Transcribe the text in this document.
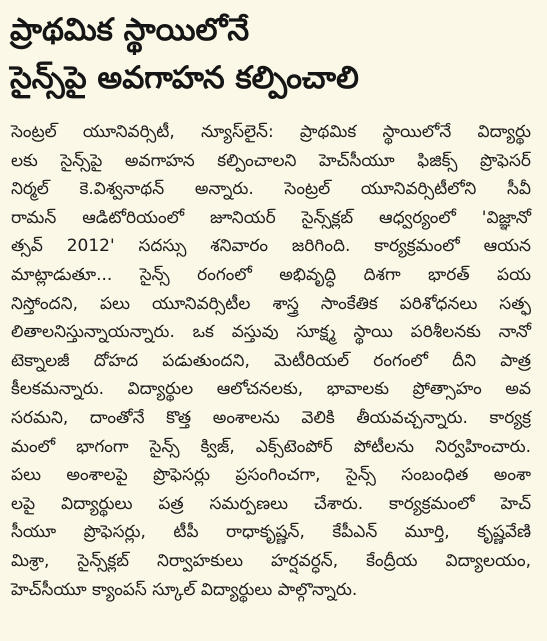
ప్రాథమిక స్థాయిలోనే
సైన్స్‌పై అవగాహన కల్పించాలి
సెంట్రల్ యూనివర్సిటీ, న్యూస్‌లైన్: ప్రాథమిక స్థాయిలోనే విద్యార్థు
లకు సైన్స్‌పై అవగాహన కల్పించాలని హెచ్‌సీయూ ఫిజిక్స్ ప్రొఫెసర్
నిర్మల్ కె.విశ్వనాథన్ అన్నారు. సెంట్రల్ యూనివర్సిటీలోని సీవీ
రామన్ ఆడిటోరియంలో జూనియర్ సైన్స్‌క్లబ్ ఆధ్వర్యంలో 'విజ్ఞానో
త్సవ్ 2012' సదస్సు శనివారం జరిగింది. కార్యక్రమంలో ఆయన
మాట్లాడుతూ... సైన్స్ రంగంలో అభివృద్ధి దిశగా భారత్ పయ
నిస్తోందని, పలు యూనివర్సిటీల శాస్త్ర సాంకేతిక పరిశోధనలు సత్ఫ
లితాలనిస్తున్నాయన్నారు. ఒక వస్తువు సూక్ష్మ స్థాయి పరిశీలనకు నానో
టెక్నాలజీ దోహద పడుతుందని, మెటీరియల్ రంగంలో దీని పాత్ర
కీలకమన్నారు. విద్యార్థుల ఆలోచనలకు, భావాలకు ప్రోత్సాహం అవ
సరమని, దాంతోనే కొత్త అంశాలను వెలికి తీయవచ్చన్నారు. కార్యక్ర
మంలో భాగంగా సైన్స్ క్విజ్, ఎక్స్‌టెంపోర్ పోటీలను నిర్వహించారు.
పలు అంశాలపై ప్రొఫెసర్లు ప్రసంగించగా, సైన్స్ సంబంధిత అంశా
లపై విద్యార్థులు పత్ర సమర్పణలు చేశారు. కార్యక్రమంలో హెచ్
సీయూ ప్రొఫెసర్లు, టీపీ రాధాకృష్ణన్, కేపీఎన్ మూర్తి, కృష్ణవేణి
మిశ్రా, సైన్స్‌క్లబ్ నిర్వాహకులు హర్షవర్ధన్, కేంద్రీయ విద్యాలయం,
హెచ్‌సీయూ క్యాంపస్ స్కూల్ విద్యార్థులు పాల్గొన్నారు.
